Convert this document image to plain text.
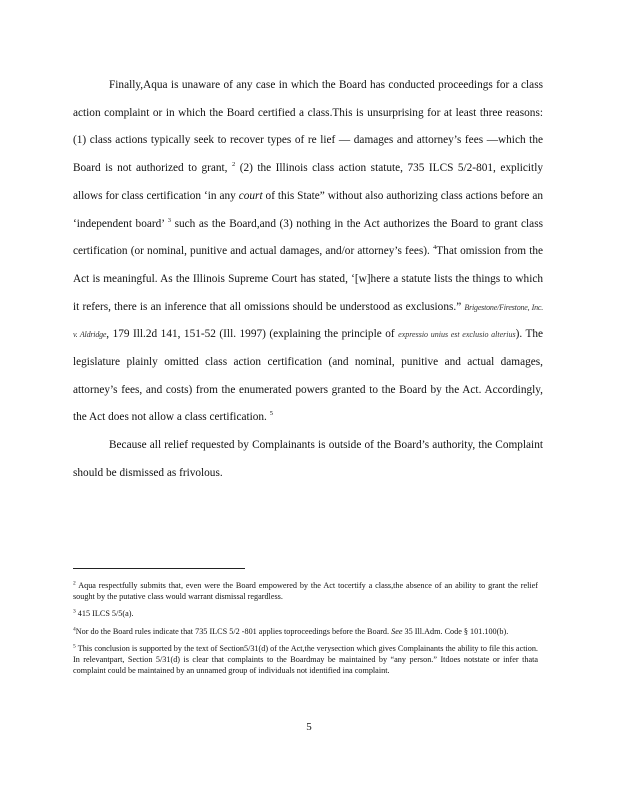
Finally,Aqua is unaware of any case in which the Board has conducted proceedings for a class action complaint or in which the Board certified a class.This is unsurprising for at least three reasons: (1) class actions typically seek to recover types of re lief — damages and attorney’s fees —which the Board is not authorized to grant, $^2$ (2) the Illinois class action statute, 735 ILCS 5/2-801, explicitly allows for class certification ‘in any court of this State” without also authorizing class actions before an ‘independent board’ $^3$ such as the Board,and (3) nothing in the Act authorizes the Board to grant class certification (or nominal, punitive and actual damages, and/or attorney’s fees). $^4$That omission from the Act is meaningful. As the Illinois Supreme Court has stated, ‘[w]here a statute lists the things to which it refers, there is an inference that all omissions should be understood as exclusions.” Brigestone/Firestone, Inc. v. Aldridge, 179 Ill.2d 141, 151-52 (Ill. 1997) (explaining the principle of expressio unius est exclusio alterius). The legislature plainly omitted class action certification (and nominal, punitive and actual damages, attorney’s fees, and costs) from the enumerated powers granted to the Board by the Act. Accordingly, the Act does not allow a class certification. $^5$

Because all relief requested by Complainants is outside of the Board’s authority, the Complaint should be dismissed as frivolous.

$^2$ Aqua respectfully submits that, even were the Board empowered by the Act tocertify a class,the absence of an ability to grant the relief sought by the putative class would warrant dismissal regardless.

$^3$ 415 ILCS 5/5(a).

$^4$Nor do the Board rules indicate that 735 ILCS 5/2 -801 applies toproceedings before the Board. See 35 Ill.Adm. Code § 101.100(b).

$^5$ This conclusion is supported by the text of Section5/31(d) of the Act,the verysection which gives Complainants the ability to file this action. In relevantpart, Section 5/31(d) is clear that complaints to the Boardmay be maintained by “any person.” Itdoes notstate or infer thata complaint could be maintained by an unnamed group of individuals not identified ina complaint.

5
